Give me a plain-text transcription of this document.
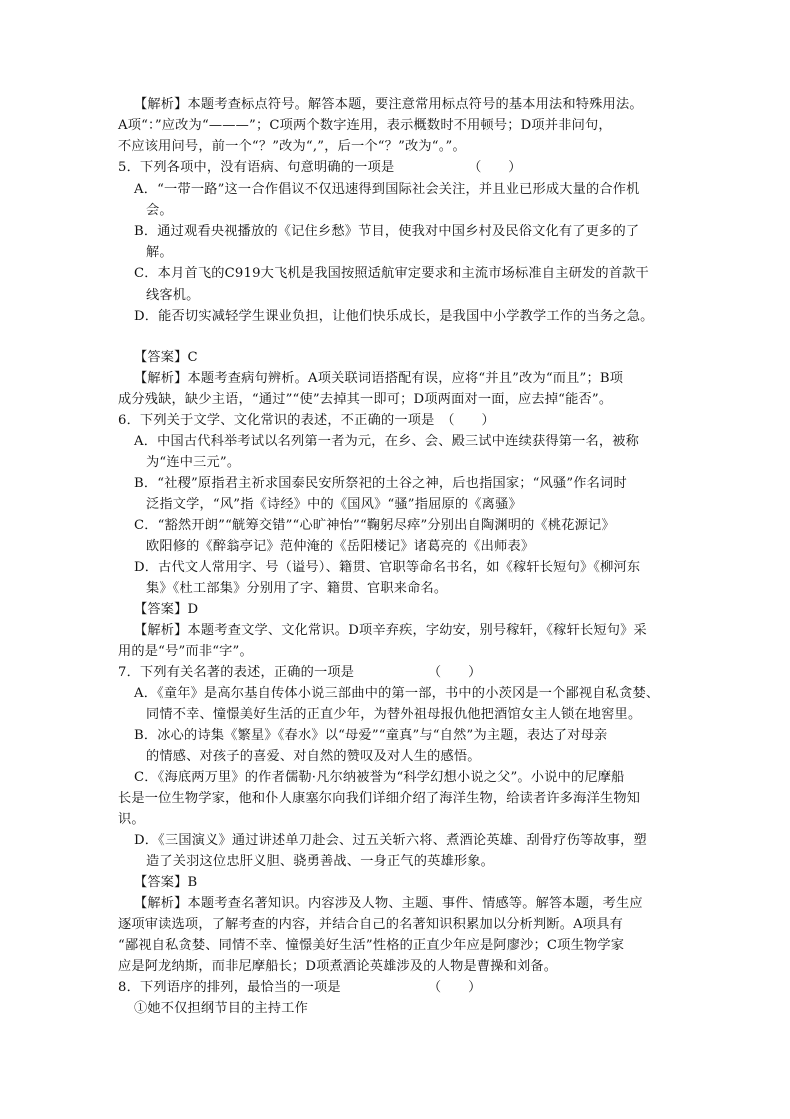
【解析】本题考查标点符号。解答本题，要注意常用标点符号的基本用法和特殊用法。
A项“：”应改为“———”；C项两个数字连用，表示概数时不用顿号；D项并非问句，
不应该用问号，前一个“？”改为“,”，后一个“？”改为“。”。
5．下列各项中，没有语病、句意明确的一项是　　　　　　（　　）
A．“一带一路”这一合作倡议不仅迅速得到国际社会关注，并且业已形成大量的合作机
会。
B．通过观看央视播放的《记住乡愁》节目，使我对中国乡村及民俗文化有了更多的了
解。
C．本月首飞的C919大飞机是我国按照适航审定要求和主流市场标准自主研发的首款干
线客机。
D．能否切实减轻学生课业负担，让他们快乐成长，是我国中小学教学工作的当务之急。
【答案】C
【解析】本题考查病句辨析。A项关联词语搭配有误，应将“并且”改为“而且”；B项
成分残缺，缺少主语，“通过”“使”去掉其一即可；D项两面对一面，应去掉“能否”。
6．下列关于文学、文化常识的表述，不正确的一项是　（　　）
A．中国古代科举考试以名列第一者为元，在乡、会、殿三试中连续获得第一名，被称
为“连中三元”。
B．“社稷”原指君主祈求国泰民安所祭祀的土谷之神，后也指国家；“风骚”作名词时
泛指文学，“风”指《诗经》中的《国风》“骚”指屈原的《离骚》
C．“豁然开朗”“觥筹交错”“心旷神怡”“鞠躬尽瘁”分别出自陶渊明的《桃花源记》
欧阳修的《醉翁亭记》范仲淹的《岳阳楼记》诸葛亮的《出师表》
D．古代文人常用字、号（谥号）、籍贯、官职等命名书名，如《稼轩长短句》《柳河东
集》《杜工部集》分别用了字、籍贯、官职来命名。
【答案】D
【解析】本题考查文学、文化常识。D项辛弃疾，字幼安，别号稼轩，《稼轩长短句》采
用的是“号”而非“字”。
7．下列有关名著的表述，正确的一项是　　　　　　（　　）
A．《童年》是高尔基自传体小说三部曲中的第一部，书中的小茨冈是一个鄙视自私贪婪、
同情不幸、憧憬美好生活的正直少年，为替外祖母报仇他把酒馆女主人锁在地窖里。
B．冰心的诗集《繁星》《春水》以“母爱”“童真”与“自然”为主题，表达了对母亲
的情感、对孩子的喜爱、对自然的赞叹及对人生的感悟。
C．《海底两万里》的作者儒勒·凡尔纳被誉为“科学幻想小说之父”。小说中的尼摩船
长是一位生物学家，他和仆人康塞尔向我们详细介绍了海洋生物，给读者许多海洋生物知
识。
D．《三国演义》通过讲述单刀赴会、过五关斩六将、煮酒论英雄、刮骨疗伤等故事，塑
造了关羽这位忠肝义胆、骁勇善战、一身正气的英雄形象。
【答案】B
【解析】本题考查名著知识。内容涉及人物、主题、事件、情感等。解答本题，考生应
逐项审读选项，了解考查的内容，并结合自己的名著知识积累加以分析判断。A项具有
“鄙视自私贪婪、同情不幸、憧憬美好生活”性格的正直少年应是阿廖沙；C项生物学家
应是阿龙纳斯，而非尼摩船长；D项煮酒论英雄涉及的人物是曹操和刘备。
8．下列语序的排列，最恰当的一项是　　　　　　　（　　）
①她不仅担纲节目的主持工作
